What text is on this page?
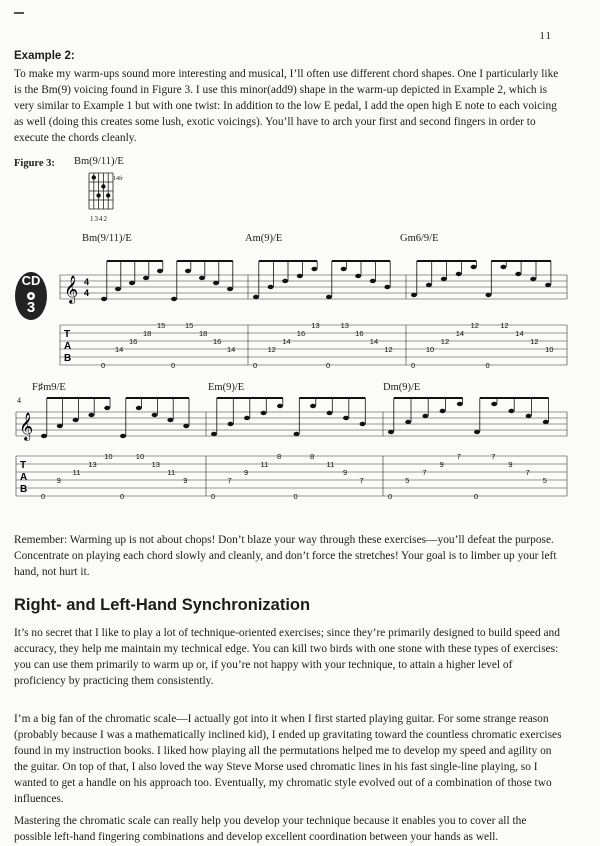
11
Example 2:

To make my warm-ups sound more interesting and musical, I’ll often use different chord shapes. One I particularly like is the Bm(9) voicing found in Figure 3. I use this minor(add9) shape in the warm-up depicted in Example 2, which is very similar to Example 1 but with one twist: In addition to the low E pedal, I add the open high E note to each voicing as well (doing this creates some lush, exotic voicings). You’ll have to arch your first and second fingers in order to execute the chords cleanly.

Figure 3: Bm(9/11)/E
14fr
1342
Bm(9/11)/E	Am(9)/E	Gm6/9/E
CD
3
𝄞 4
4
T
A
B
0
14
16
18
15
0
15
18
16
14
0
12
14
16
13
0
13
16
14
12
0
10
12
14
12
0
12
14
12
10
4
F♯m9/E	Em(9)/E	Dm(9)/E
𝄞
T
A
B
0
9
11
13
10
0
10
13
11
9
0
7
9
11
8
0
8
11
9
7
0
5
7
9
7
0
7
9
7
5

Remember: Warming up is not about chops! Don’t blaze your way through these exercises—you’ll defeat the purpose. Concentrate on playing each chord slowly and cleanly, and don’t force the stretches! Your goal is to limber up your left hand, not hurt it.

Right- and Left-Hand Synchronization

It’s no secret that I like to play a lot of technique-oriented exercises; since they’re primarily designed to build speed and accuracy, they help me maintain my technical edge. You can kill two birds with one stone with these types of exercises: you can use them primarily to warm up or, if you’re not happy with your technique, to attain a higher level of proficiency by practicing them consistently.

I’m a big fan of the chromatic scale—I actually got into it when I first started playing guitar. For some strange reason (probably because I was a mathematically inclined kid), I ended up gravitating toward the countless chromatic exercises found in my instruction books. I liked how playing all the permutations helped me to develop my speed and agility on the guitar. On top of that, I also loved the way Steve Morse used chromatic lines in his fast single-line playing, so I wanted to get a handle on his approach too. Eventually, my chromatic style evolved out of a combination of those two influences.

Mastering the chromatic scale can really help you develop your technique because it enables you to cover all the possible left-hand fingering combinations and develop excellent coordination between your hands as well.
